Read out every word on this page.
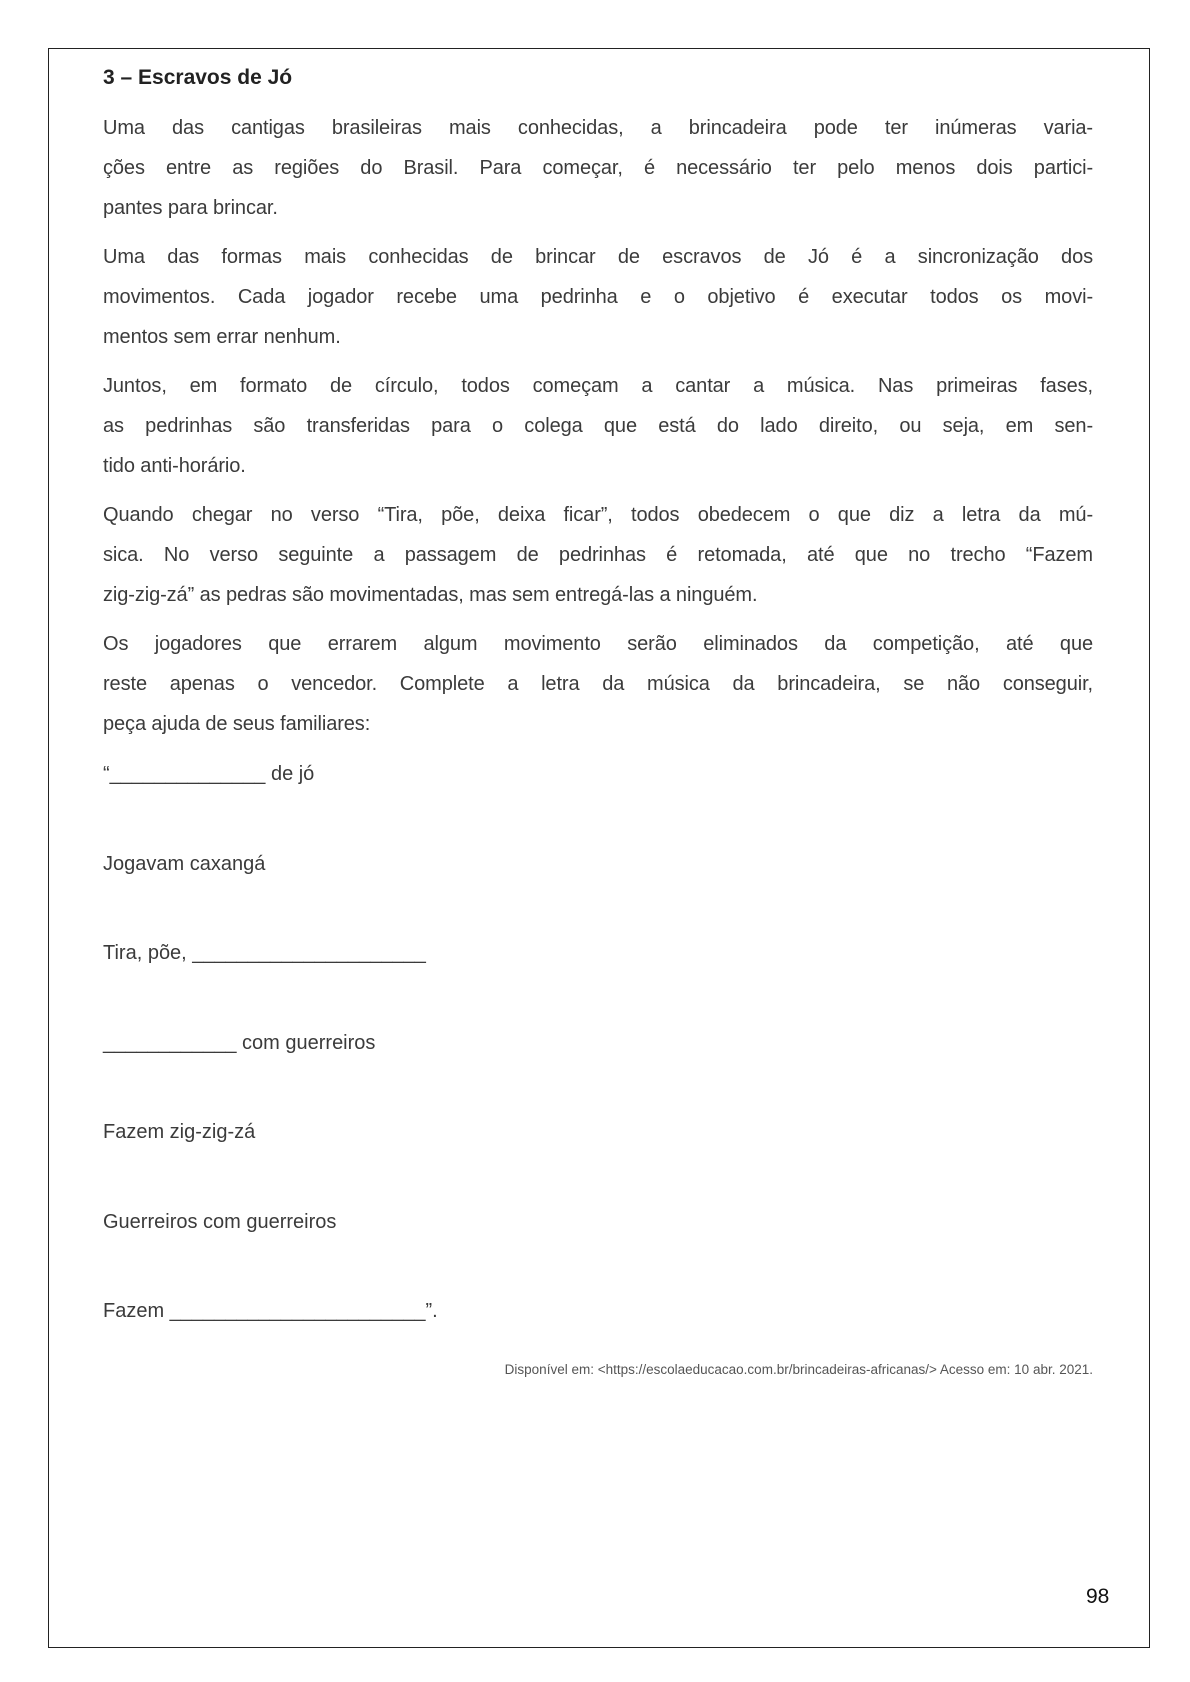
3 – Escravos de Jó
Uma das cantigas brasileiras mais conhecidas, a brincadeira pode ter inúmeras varia-
ções entre as regiões do Brasil. Para começar, é necessário ter pelo menos dois partici-
pantes para brincar.
Uma das formas mais conhecidas de brincar de escravos de Jó é a sincronização dos
movimentos. Cada jogador recebe uma pedrinha e o objetivo é executar todos os movi-
mentos sem errar nenhum.
Juntos, em formato de círculo, todos começam a cantar a música. Nas primeiras fases,
as pedrinhas são transferidas para o colega que está do lado direito, ou seja, em sen-
tido anti-horário.
Quando chegar no verso “Tira, põe, deixa ficar”, todos obedecem o que diz a letra da mú-
sica. No verso seguinte a passagem de pedrinhas é retomada, até que no trecho “Fazem
zig-zig-zá” as pedras são movimentadas, mas sem entregá-las a ninguém.
Os jogadores que errarem algum movimento serão eliminados da competição, até que
reste apenas o vencedor. Complete a letra da música da brincadeira, se não conseguir,
peça ajuda de seus familiares:
“______________ de jó
Jogavam caxangá
Tira, põe, _____________________
____________ com guerreiros
Fazem zig-zig-zá
Guerreiros com guerreiros
Fazem _______________________”.
Disponível em: <https://escolaeducacao.com.br/brincadeiras-africanas/> Acesso em: 10 abr. 2021.
98
